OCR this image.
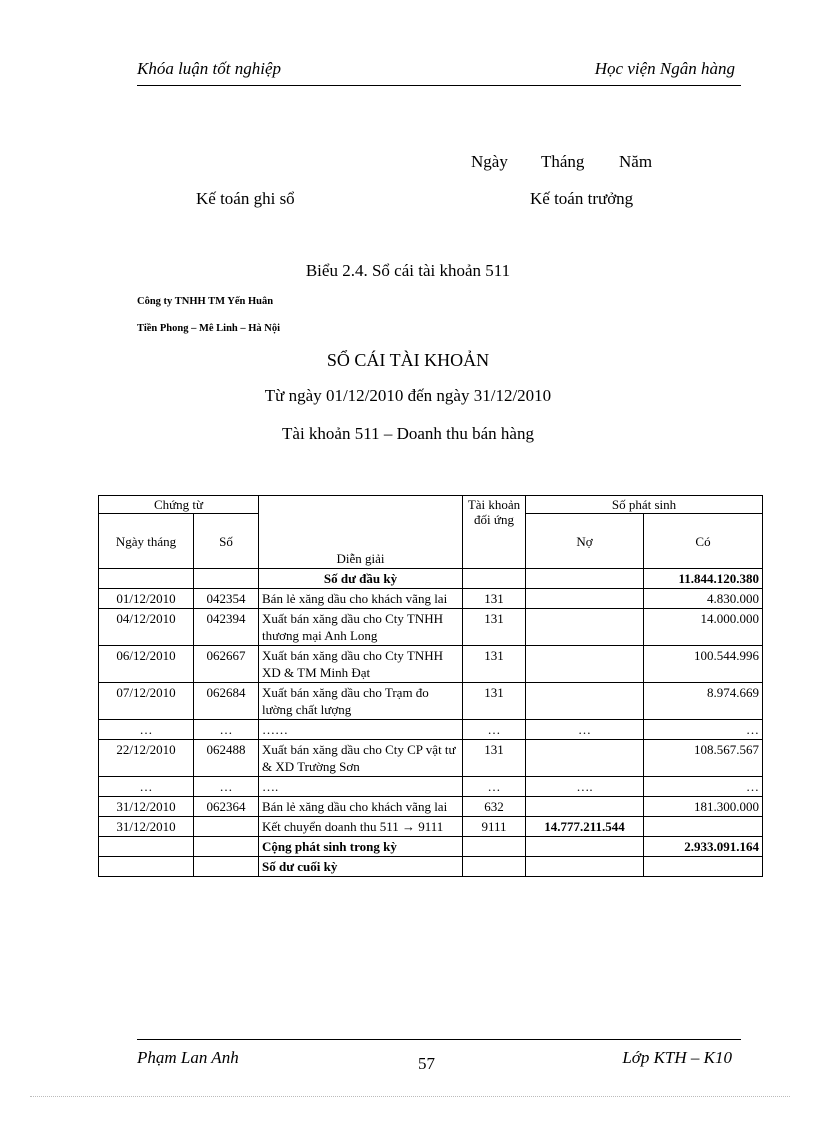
Khóa luận tốt nghiệp	Học viện Ngân hàng
Ngày Tháng Năm
Kế toán ghi sổ	Kế toán trưởng
Biểu 2.4. Sổ cái tài khoản 511
Công ty TNHH TM Yến Huân
Tiền Phong – Mê Linh – Hà Nội
SỔ CÁI TÀI KHOẢN
Từ ngày 01/12/2010 đến ngày 31/12/2010
Tài khoản 511 – Doanh thu bán hàng
Chứng từ		Diễn giải	Tài khoản đối ứng	Số phát sinh	
Ngày tháng	Số			Nợ	Có
		Số dư đầu kỳ			11.844.120.380
01/12/2010	042354	Bán lẻ xăng dầu cho khách vãng lai	131		4.830.000
04/12/2010	042394	Xuất bán xăng dầu cho Cty TNHH thương mại Anh Long	131		14.000.000
06/12/2010	062667	Xuất bán xăng dầu cho Cty TNHH XD & TM Minh Đạt	131		100.544.996
07/12/2010	062684	Xuất bán xăng dầu cho Trạm đo lường chất lượng	131		8.974.669
…	…	……	…	…	…
22/12/2010	062488	Xuất bán xăng dầu cho Cty CP vật tư & XD Trường Sơn	131		108.567.567
…	…	….	…	….	…
31/12/2010	062364	Bán lẻ xăng dầu cho khách vãng lai	632		181.300.000
31/12/2010		Kết chuyển doanh thu 511 → 9111	9111	14.777.211.544	
		Cộng phát sinh trong kỳ			2.933.091.164
		Số dư cuối kỳ			
Phạm Lan Anh	57	Lớp KTH – K10
